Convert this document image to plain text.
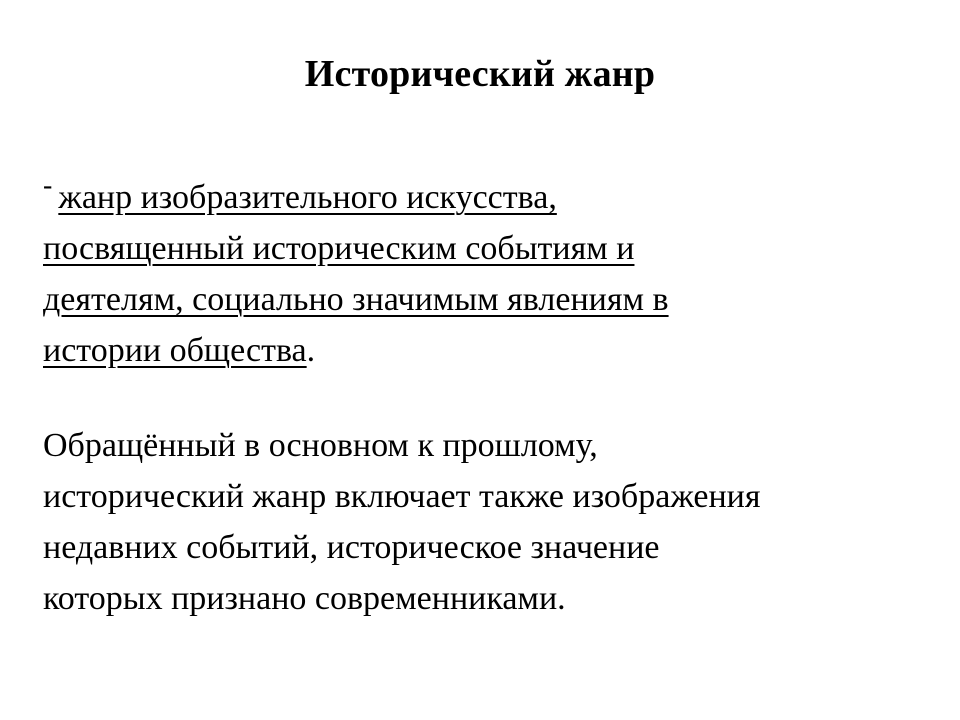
Исторический жанр
- жанр изобразительного искусства,
посвященный историческим событиям и
деятелям, социально значимым явлениям в
истории общества.
Обращённый в основном к прошлому,
исторический жанр включает также изображения
недавних событий, историческое значение
которых признано современниками.
